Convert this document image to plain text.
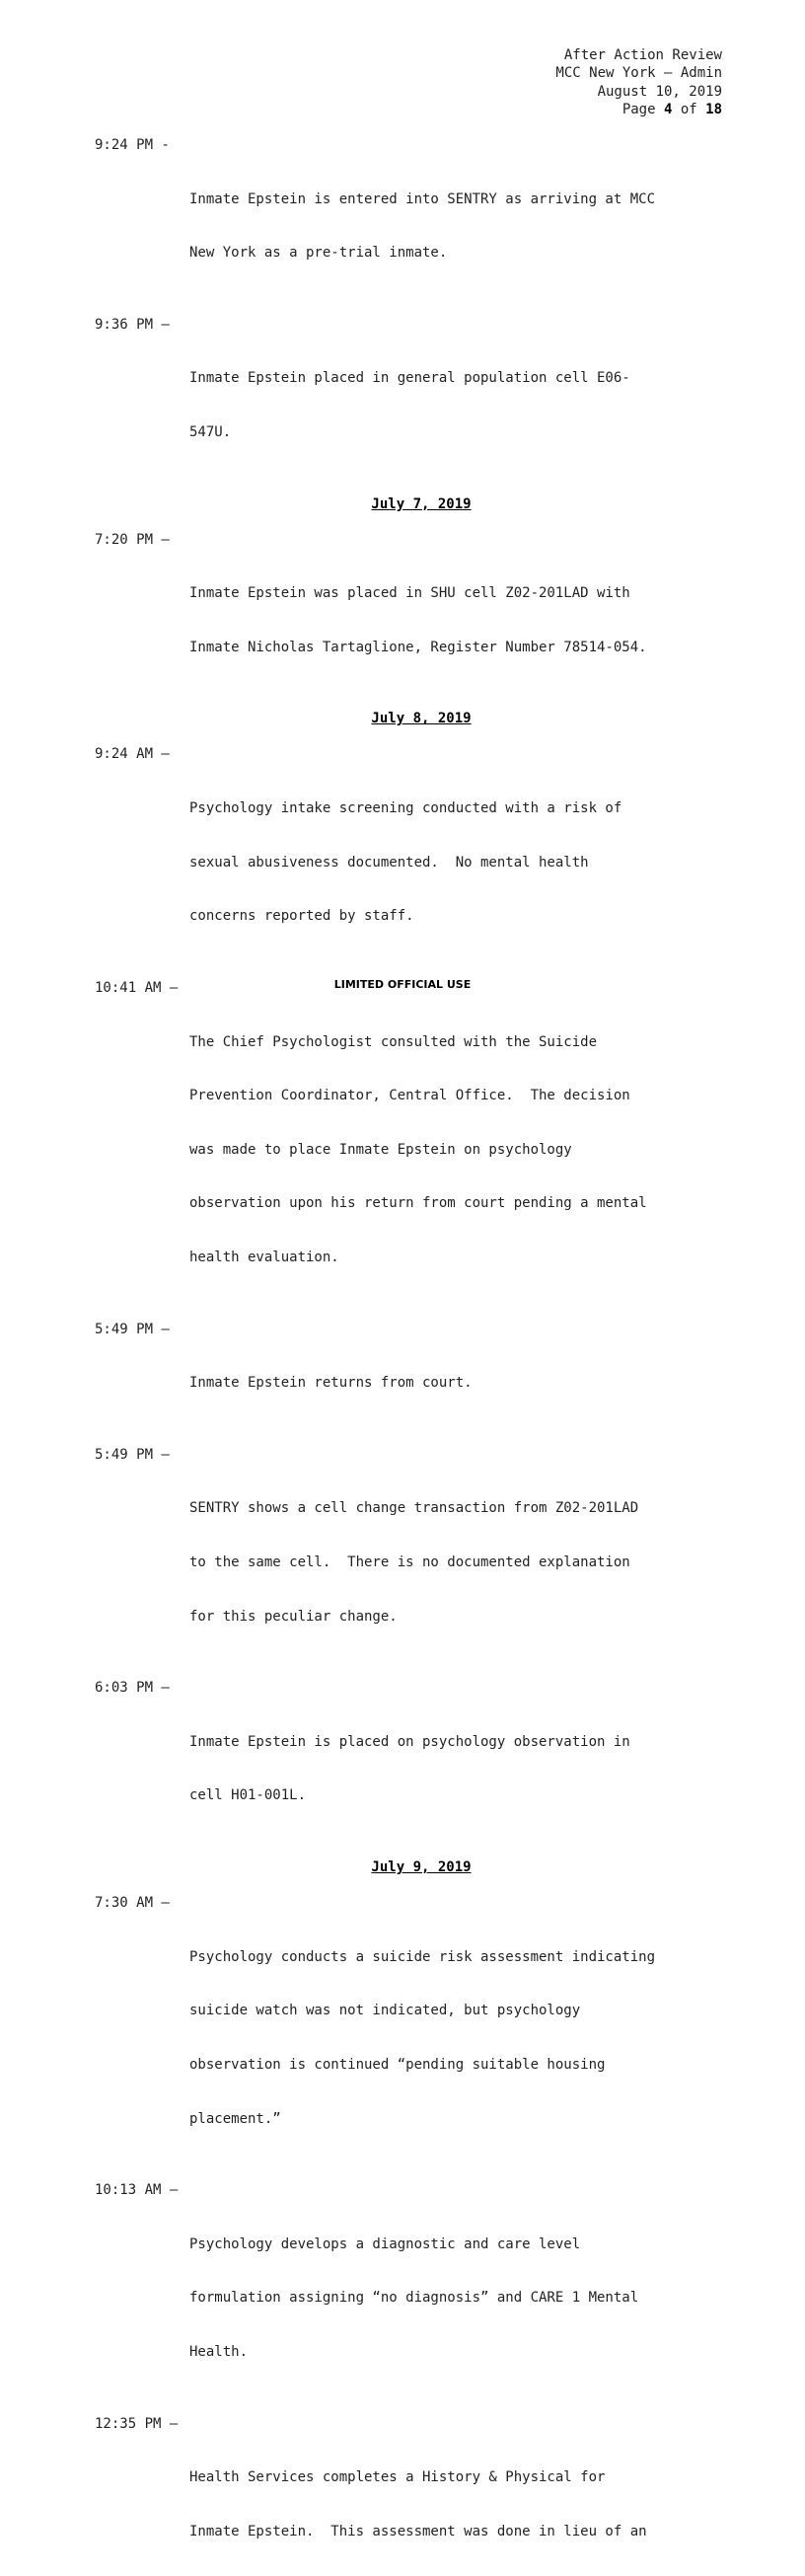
After Action Review
MCC New York – Admin
August 10, 2019
Page 4 of 18

9:24 PM -

Inmate Epstein is entered into SENTRY as arriving at MCC

New York as a pre-trial inmate.

9:36 PM –

Inmate Epstein placed in general population cell E06-

547U.

July 7, 2019

7:20 PM –

Inmate Epstein was placed in SHU cell Z02-201LAD with

Inmate Nicholas Tartaglione, Register Number 78514-054.

July 8, 2019

9:24 AM –

Psychology intake screening conducted with a risk of

sexual abusiveness documented.  No mental health

concerns reported by staff.

10:41 AM –

The Chief Psychologist consulted with the Suicide

Prevention Coordinator, Central Office.  The decision

was made to place Inmate Epstein on psychology

observation upon his return from court pending a mental

health evaluation.

5:49 PM –

Inmate Epstein returns from court.

5:49 PM –

SENTRY shows a cell change transaction from Z02-201LAD

to the same cell.  There is no documented explanation

for this peculiar change.

6:03 PM –

Inmate Epstein is placed on psychology observation in

cell H01-001L.

July 9, 2019

7:30 AM –

Psychology conducts a suicide risk assessment indicating

suicide watch was not indicated, but psychology

observation is continued “pending suitable housing

placement.”

10:13 AM –

Psychology develops a diagnostic and care level

formulation assigning “no diagnosis” and CARE 1 Mental

Health.

12:35 PM –

Health Services completes a History & Physical for

Inmate Epstein.  This assessment was done in lieu of an

LIMITED OFFICIAL USE
